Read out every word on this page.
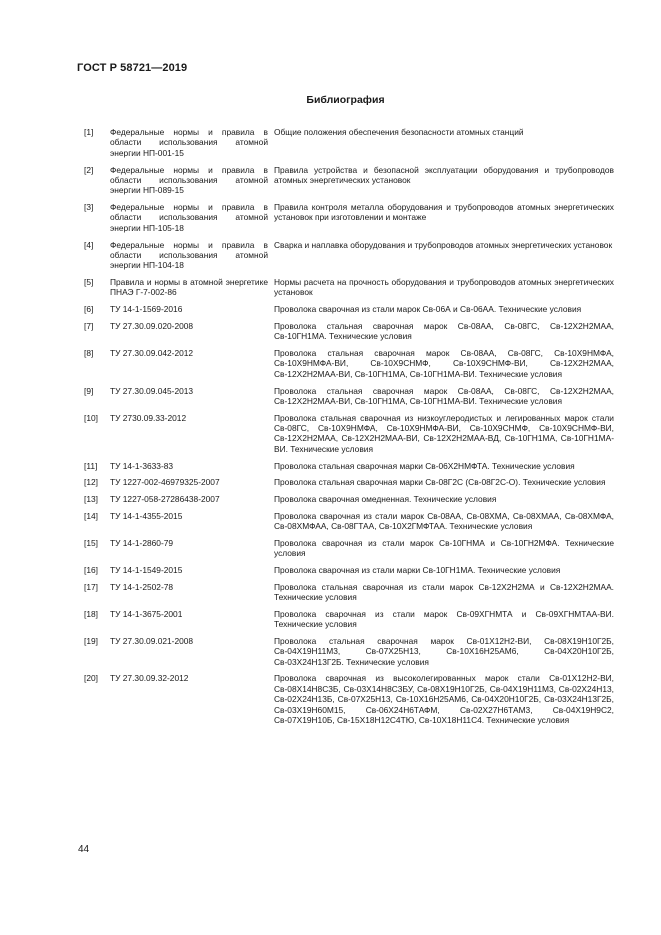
ГОСТ Р 58721—2019
Библиография
[1]	Федеральные нормы и правила в области использования атомной энергии НП-001-15	Общие положения обеспечения безопасности атомных станций
[2]	Федеральные нормы и правила в области использования атомной энергии НП-089-15	Правила устройства и безопасной эксплуатации оборудования и трубопроводов атомных энергетических установок
[3]	Федеральные нормы и правила в области использования атомной энергии НП-105-18	Правила контроля металла оборудования и трубопроводов атомных энергетических установок при изготовлении и монтаже
[4]	Федеральные нормы и правила в области использования атомной энергии НП-104-18	Сварка и наплавка оборудования и трубопроводов атомных энергетических установок
[5]	Правила и нормы в атомной энергетике ПНАЭ Г-7-002-86	Нормы расчета на прочность оборудования и трубопроводов атомных энергетических установок
[6]	ТУ 14-1-1569-2016	Проволока сварочная из стали марок Св-06А и Св-06АА. Технические условия
[7]	ТУ 27.30.09.020-2008	Проволока стальная сварочная марок Св-08АА, Св-08ГС, Св-12Х2Н2МАА, Св-10ГН1МА. Технические условия
[8]	ТУ 27.30.09.042-2012	Проволока стальная сварочная марок Св-08АА, Св-08ГС, Св-10Х9НМФА, Св-10Х9НМФА-ВИ, Св-10Х9СНМФ, Св-10Х9СНМФ-ВИ, Св-12Х2Н2МАА, Св-12Х2Н2МАА-ВИ, Св-10ГН1МА, Св-10ГН1МА-ВИ. Технические условия
[9]	ТУ 27.30.09.045-2013	Проволока стальная сварочная марок Св-08АА, Св-08ГС, Св-12Х2Н2МАА, Св-12Х2Н2МАА-ВИ, Св-10ГН1МА, Св-10ГН1МА-ВИ. Технические условия
[10]	ТУ 2730.09.33-2012	Проволока стальная сварочная из низкоуглеродистых и легированных марок стали Св-08ГС, Св-10Х9НМФА, Св-10Х9НМФА-ВИ, Св-10Х9СНМФ, Св-10Х9СНМФ-ВИ, Св-12Х2Н2МАА, Св-12Х2Н2МАА-ВИ, Св-12Х2Н2МАА-ВД, Св-10ГН1МА, Св-10ГН1МА-ВИ. Технические условия
[11]	ТУ 14-1-3633-83	Проволока стальная сварочная марки Св-06Х2НМФТА. Технические условия
[12]	ТУ 1227-002-46979325-2007	Проволока стальная сварочная марки Св-08Г2С (Св-08Г2С-О). Технические условия
[13]	ТУ 1227-058-27286438-2007	Проволока сварочная омедненная. Технические условия
[14]	ТУ 14-1-4355-2015	Проволока сварочная из стали марок Св-08АА, Св-08ХМА, Св-08ХМАА, Св-08ХМФА, Св-08ХМФАА, Св-08ГТАА, Св-10Х2ГМФТАА. Технические условия
[15]	ТУ 14-1-2860-79	Проволока сварочная из стали марок Св-10ГНМА и Св-10ГН2МФА. Технические условия
[16]	ТУ 14-1-1549-2015	Проволока сварочная из стали марки Св-10ГН1МА. Технические условия
[17]	ТУ 14-1-2502-78	Проволока стальная сварочная из стали марок Св-12Х2Н2МА и Св-12Х2Н2МАА. Технические условия
[18]	ТУ 14-1-3675-2001	Проволока сварочная из стали марок Св-09ХГНМТА и Св-09ХГНМТАА-ВИ. Технические условия
[19]	ТУ 27.30.09.021-2008	Проволока стальная сварочная марок Св-01Х12Н2-ВИ, Св-08Х19Н10Г2Б, Св-04Х19Н11М3, Св-07Х25Н13, Св-10Х16Н25АМ6, Св-04Х20Н10Г2Б, Св-03Х24Н13Г2Б. Технические условия
[20]	ТУ 27.30.09.32-2012	Проволока сварочная из высоколегированных марок стали Св-01Х12Н2-ВИ, Св-08Х14Н8С3Б, Св-03Х14Н8С3БУ, Св-08Х19Н10Г2Б, Св-04Х19Н11М3, Св-02Х24Н13, Св-02Х24Н13Б, Св-07Х25Н13, Св-10Х16Н25АМ6, Св-04Х20Н10Г2Б, Св-03Х24Н13Г2Б, Св-03Х19Н60М15, Св-06Х24Н6ТАФМ, Св-02Х27Н6ТАМ3, Св-04Х19Н9С2, Св-07Х19Н10Б, Св-15Х18Н12С4ТЮ, Св-10Х18Н11С4. Технические условия
44
